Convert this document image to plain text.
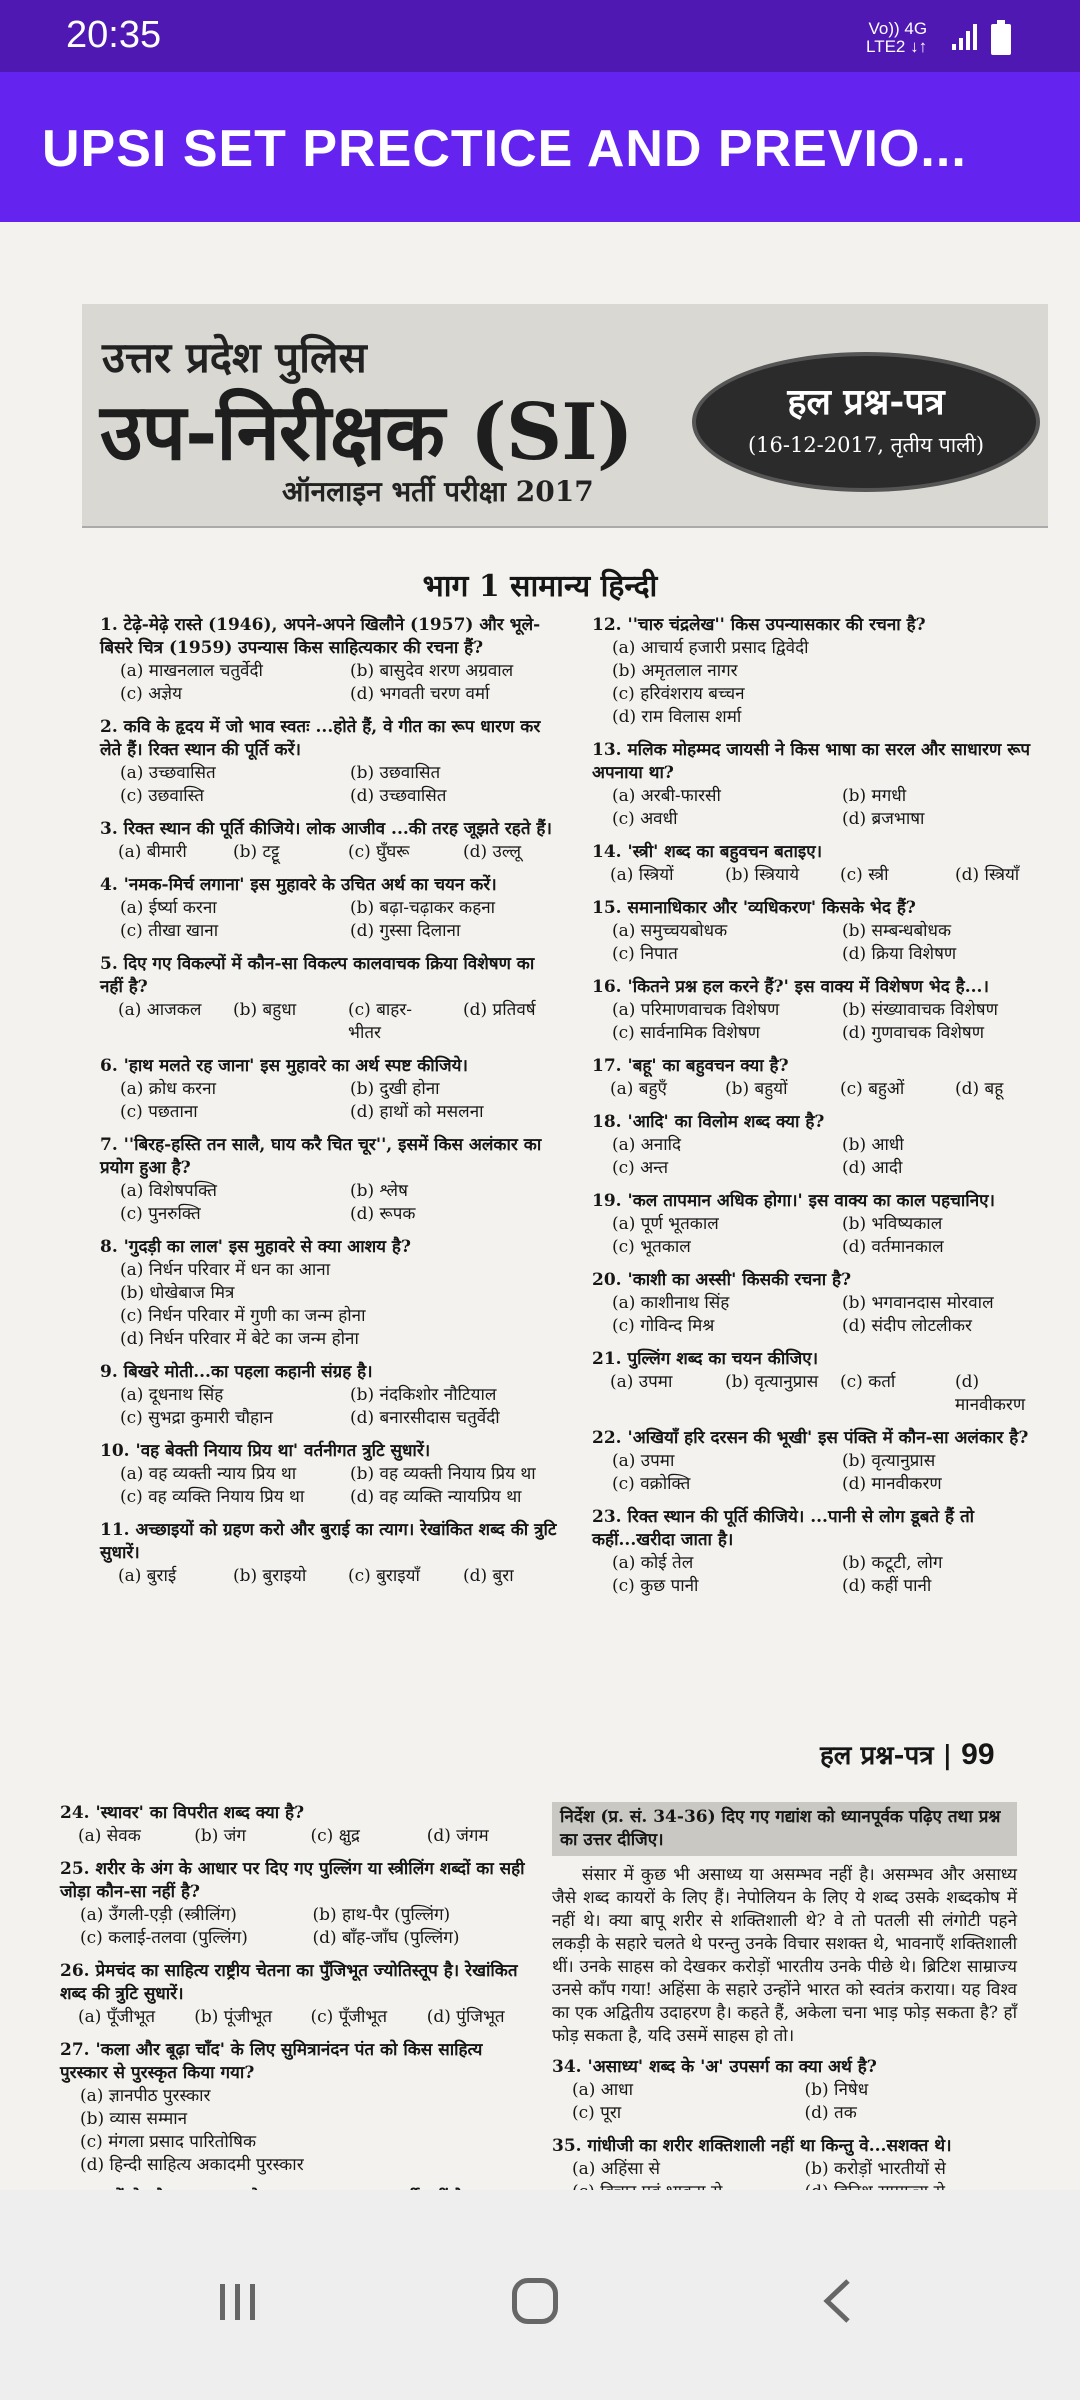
20:35	Vo)) 4G
LTE2 ↓↑
UPSI SET PRECTICE AND PREVIO...
उत्तर प्रदेश पुलिस
उप-निरीक्षक (SI)
ऑनलाइन भर्ती परीक्षा 2017
हल प्रश्न-पत्र
(16-12-2017, तृतीय पाली)
भाग 1 सामान्य हिन्दी
1. टेढ़े-मेढ़े रास्ते (1946), अपने-अपने खिलौने (1957) और भूले-बिसरे चित्र (1959) उपन्यास किस साहित्यकार की रचना हैं?
(a) माखनलाल चतुर्वेदी	(b) बासुदेव शरण अग्रवाल
(c) अज्ञेय	(d) भगवती चरण वर्मा
2. कवि के हृदय में जो भाव स्वतः ...होते हैं, वे गीत का रूप धारण कर लेते हैं। रिक्त स्थान की पूर्ति करें।
(a) उच्छवासित	(b) उछवासित
(c) उछवास्ति	(d) उच्छवासित
3. रिक्त स्थान की पूर्ति कीजिये। लोक आजीव ...की तरह जूझते रहते हैं।
(a) बीमारी	(b) टट्टू	(c) घुँघरू	(d) उल्लू
4. 'नमक-मिर्च लगाना' इस मुहावरे के उचित अर्थ का चयन करें।
(a) ईर्ष्या करना	(b) बढ़ा-चढ़ाकर कहना
(c) तीखा खाना	(d) गुस्सा दिलाना
5. दिए गए विकल्पों में कौन-सा विकल्प कालवाचक क्रिया विशेषण का नहीं है?
(a) आजकल	(b) बहुधा	(c) बाहर-भीतर
(d) प्रतिवर्ष
6. 'हाथ मलते रह जाना' इस मुहावरे का अर्थ स्पष्ट कीजिये।
(a) क्रोध करना	(b) दुखी होना
(c) पछताना	(d) हाथों को मसलना
7. ''बिरह-हस्ति तन सालै, घाय करै चित चूर'', इसमें किस अलंकार का प्रयोग हुआ है?
(a) विशेषपक्ति	(b) श्लेष
(c) पुनरुक्ति	(d) रूपक
8. 'गुदड़ी का लाल' इस मुहावरे से क्या आशय है?
(a) निर्धन परिवार में धन का आना
(b) धोखेबाज मित्र
(c) निर्धन परिवार में गुणी का जन्म होना
(d) निर्धन परिवार में बेटे का जन्म होना
9. बिखरे मोती...का पहला कहानी संग्रह है।
(a) दूधनाथ सिंह	(b) नंदकिशोर नौटियाल
(c) सुभद्रा कुमारी चौहान	(d) बनारसीदास चतुर्वेदी
10. 'वह बेक्ती नियाय प्रिय था' वर्तनीगत त्रुटि सुधारें।
(a) वह व्यक्ती न्याय प्रिय था	(b) वह व्यक्ती नियाय प्रिय था
(c) वह व्यक्ति नियाय प्रिय था	(d) वह व्यक्ति न्यायप्रिय था
11. अच्छाइयों को ग्रहण करो और बुराई का त्याग। रेखांकित शब्द की त्रुटि सुधारें।
(a) बुराई	(b) बुराइयो	(c) बुराइयाँ	(d) बुरा
12. ''चारु चंद्रलेख'' किस उपन्यासकार की रचना है?
(a) आचार्य हजारी प्रसाद द्विवेदी
(b) अमृतलाल नागर
(c) हरिवंशराय बच्चन
(d) राम विलास शर्मा
13. मलिक मोहम्मद जायसी ने किस भाषा का सरल और साधारण रूप अपनाया था?
(a) अरबी-फारसी	(b) मगधी
(c) अवधी	(d) ब्रजभाषा
14. 'स्त्री' शब्द का बहुवचन बताइए।
(a) स्त्रियों	(b) स्त्रियाये	(c) स्त्री	(d) स्त्रियाँ
15. समानाधिकार और 'व्यधिकरण' किसके भेद हैं?
(a) समुच्चयबोधक	(b) सम्बन्धबोधक
(c) निपात	(d) क्रिया विशेषण
16. 'कितने प्रश्न हल करने हैं?' इस वाक्य में विशेषण भेद है...।
(a) परिमाणवाचक विशेषण	(b) संख्यावाचक विशेषण
(c) सार्वनामिक विशेषण	(d) गुणवाचक विशेषण
17. 'बहू' का बहुवचन क्या है?
(a) बहुएँ	(b) बहुयों	(c) बहुओं	(d) बहू
18. 'आदि' का विलोम शब्द क्या है?
(a) अनादि	(b) आधी
(c) अन्त	(d) आदी
19. 'कल तापमान अधिक होगा।' इस वाक्य का काल पहचानिए।
(a) पूर्ण भूतकाल	(b) भविष्यकाल
(c) भूतकाल	(d) वर्तमानकाल
20. 'काशी का अस्सी' किसकी रचना है?
(a) काशीनाथ सिंह	(b) भगवानदास मोरवाल
(c) गोविन्द मिश्र	(d) संदीप लोटलीकर
21. पुल्लिंग शब्द का चयन कीजिए।
(a) उपमा	(b) वृत्यानुप्रास	(c) कर्ता	(d) मानवीकरण
22. 'अखियाँ हरि दरसन की भूखी' इस पंक्ति में कौन-सा अलंकार है?
(a) उपमा	(b) वृत्यानुप्रास
(c) वक्रोक्ति	(d) मानवीकरण
23. रिक्त स्थान की पूर्ति कीजिये। ...पानी से लोग डूबते हैं तो कहीं...खरीदा जाता है।
(a) कोई तेल	(b) कटूटी, लोग
(c) कुछ पानी	(d) कहीं पानी
हल प्रश्न-पत्र | 99
24. 'स्थावर' का विपरीत शब्द क्या है?
(a) सेवक	(b) जंग	(c) क्षुद्र	(d) जंगम
25. शरीर के अंग के आधार पर दिए गए पुल्लिंग या स्त्रीलिंग शब्दों का सही जोड़ा कौन-सा नहीं है?
(a) उँगली-एड़ी (स्त्रीलिंग)	(b) हाथ-पैर (पुल्लिंग)
(c) कलाई-तलवा (पुल्लिंग)	(d) बाँह-जाँघ (पुल्लिंग)
26. प्रेमचंद का साहित्य राष्ट्रीय चेतना का पुँजिभूत ज्योतिस्तूप है। रेखांकित शब्द की त्रुटि सुधारें।
(a) पूँजीभूत	(b) पूंजीभूत	(c) पूँजीभूत	(d) पुंजिभूत
27. 'कला और बूढ़ा चाँद' के लिए सुमित्रानंदन पंत को किस साहित्य पुरस्कार से पुरस्कृत किया गया?
(a) ज्ञानपीठ पुरस्कार
(b) व्यास सम्मान
(c) मंगला प्रसाद पारितोषिक
(d) हिन्दी साहित्य अकादमी पुरस्कार
निर्देश (प्र. सं. 34-36) दिए गए गद्यांश को ध्यानपूर्वक पढ़िए तथा प्रश्न का उत्तर दीजिए।
संसार में कुछ भी असाध्य या असम्भव नहीं है। असम्भव और असाध्य जैसे शब्द कायरों के लिए हैं। नेपोलियन के लिए ये शब्द उसके शब्दकोष में नहीं थे। क्या बापू शरीर से शक्तिशाली थे? वे तो पतली सी लंगोटी पहने लकड़ी के सहारे चलते थे परन्तु उनके विचार सशक्त थे, भावनाएँ शक्तिशाली थीं। उनके साहस को देखकर करोड़ों भारतीय उनके पीछे थे। ब्रिटिश साम्राज्य उनसे काँप गया! अहिंसा के सहारे उन्होंने भारत को स्वतंत्र कराया। यह विश्व का एक अद्वितीय उदाहरण है। कहते हैं, अकेला चना भाड़ फोड़ सकता है? हाँ फोड़ सकता है, यदि उसमें साहस हो तो।
34. 'असाध्य' शब्द के 'अ' उपसर्ग का क्या अर्थ है?
(a) आधा	(b) निषेध
(c) पूरा	(d) तक
35. गांधीजी का शरीर शक्तिशाली नहीं था किन्तु वे...सशक्त थे।
(a) अहिंसा से	(b) करोड़ों भारतीयों से
